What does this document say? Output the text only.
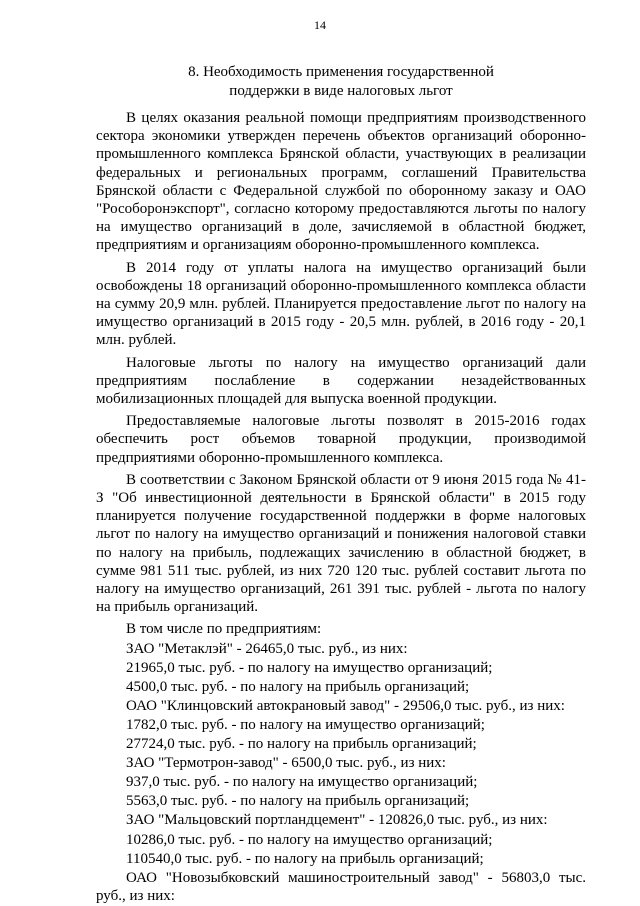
14
8. Необходимость применения государственной
поддержки в виде налоговых льгот

В целях оказания реальной помощи предприятиям производственного сектора экономики утвержден перечень объектов организаций оборонно-промышленного комплекса Брянской области, участвующих в реализации федеральных и региональных программ, соглашений Правительства Брянской области с Федеральной службой по оборонному заказу и ОАО "Рособоронэкспорт", согласно которому предоставляются льготы по налогу на имущество организаций в доле, зачисляемой в областной бюджет, предприятиям и организациям оборонно-промышленного комплекса.

В 2014 году от уплаты налога на имущество организаций были освобождены 18 организаций оборонно-промышленного комплекса области на сумму 20,9 млн. рублей. Планируется предоставление льгот по налогу на имущество организаций в 2015 году - 20,5 млн. рублей, в 2016 году - 20,1 млн. рублей.

Налоговые льготы по налогу на имущество организаций дали предприятиям послабление в содержании незадействованных мобилизационных площадей для выпуска военной продукции.

Предоставляемые налоговые льготы позволят в 2015-2016 годах обеспечить рост объемов товарной продукции, производимой предприятиями оборонно-промышленного комплекса.

В соответствии с Законом Брянской области от 9 июня 2015 года № 41-З "Об инвестиционной деятельности в Брянской области" в 2015 году планируется получение государственной поддержки в форме налоговых льгот по налогу на имущество организаций и понижения налоговой ставки по налогу на прибыль, подлежащих зачислению в областной бюджет, в сумме 981 511 тыс. рублей, из них 720 120 тыс. рублей составит льгота по налогу на имущество организаций, 261 391 тыс. рублей - льгота по налогу на прибыль организаций.

В том числе по предприятиям:
ЗАО "Метаклэй" - 26465,0 тыс. руб., из них:
21965,0 тыс. руб. - по налогу на имущество организаций;
4500,0 тыс. руб. - по налогу на прибыль организаций;
ОАО "Клинцовский автокрановый завод" - 29506,0 тыс. руб., из них:
1782,0 тыс. руб. - по налогу на имущество организаций;
27724,0 тыс. руб. - по налогу на прибыль организаций;
ЗАО "Термотрон-завод" - 6500,0 тыс. руб., из них:
937,0 тыс. руб. - по налогу на имущество организаций;
5563,0 тыс. руб. - по налогу на прибыль организаций;
ЗАО "Мальцовский портландцемент" - 120826,0 тыс. руб., из них:
10286,0 тыс. руб. - по налогу на имущество организаций;
110540,0 тыс. руб. - по налогу на прибыль организаций;
ОАО "Новозыбковский машиностроительный завод" - 56803,0 тыс. руб., из них:
